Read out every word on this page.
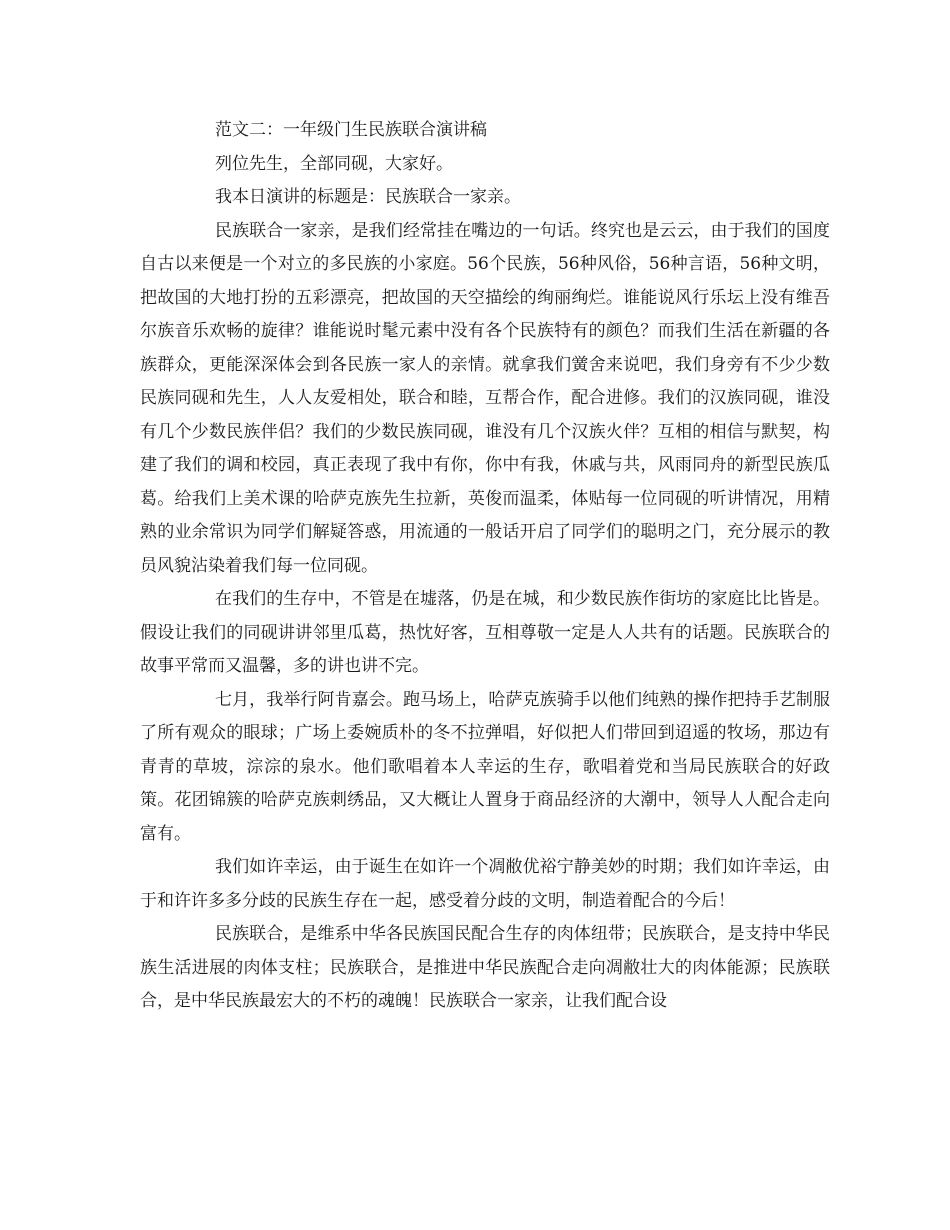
范文二：一年级门生民族联合演讲稿

列位先生，全部同砚，大家好。

我本日演讲的标题是：民族联合一家亲。

民族联合一家亲，是我们经常挂在嘴边的一句话。终究也是云云，由于我们的国度自古以来便是一个对立的多民族的小家庭。56个民族，56种风俗，56种言语，56种文明，把故国的大地打扮的五彩漂亮，把故国的天空描绘的绚丽绚烂。谁能说风行乐坛上没有维吾尔族音乐欢畅的旋律？谁能说时髦元素中没有各个民族特有的颜色？而我们生活在新疆的各族群众，更能深深体会到各民族一家人的亲情。就拿我们黉舍来说吧，我们身旁有不少少数民族同砚和先生，人人友爱相处，联合和睦，互帮合作，配合进修。我们的汉族同砚，谁没有几个少数民族伴侣？我们的少数民族同砚，谁没有几个汉族火伴？互相的相信与默契，构建了我们的调和校园，真正表现了我中有你，你中有我，休戚与共，风雨同舟的新型民族瓜葛。给我们上美术课的哈萨克族先生拉新，英俊而温柔，体贴每一位同砚的听讲情况，用精熟的业余常识为同学们解疑答惑，用流通的一般话开启了同学们的聪明之门，充分展示的教员风貌沾染着我们每一位同砚。

在我们的生存中，不管是在墟落，仍是在城，和少数民族作街坊的家庭比比皆是。假设让我们的同砚讲讲邻里瓜葛，热忱好客，互相尊敬一定是人人共有的话题。民族联合的故事平常而又温馨，多的讲也讲不完。

七月，我举行阿肯嘉会。跑马场上，哈萨克族骑手以他们纯熟的操作把持手艺制服了所有观众的眼球；广场上委婉质朴的冬不拉弹唱，好似把人们带回到迢遥的牧场，那边有青青的草坡，淙淙的泉水。他们歌唱着本人幸运的生存，歌唱着党和当局民族联合的好政策。花团锦簇的哈萨克族刺绣品，又大概让人置身于商品经济的大潮中，领导人人配合走向富有。

我们如许幸运，由于诞生在如许一个凋敝优裕宁静美妙的时期；我们如许幸运，由于和许许多多分歧的民族生存在一起，感受着分歧的文明，制造着配合的今后！

民族联合，是维系中华各民族国民配合生存的肉体纽带；民族联合，是支持中华民族生活进展的肉体支柱；民族联合，是推进中华民族配合走向凋敝壮大的肉体能源；民族联合，是中华民族最宏大的不朽的魂魄！民族联合一家亲，让我们配合设
